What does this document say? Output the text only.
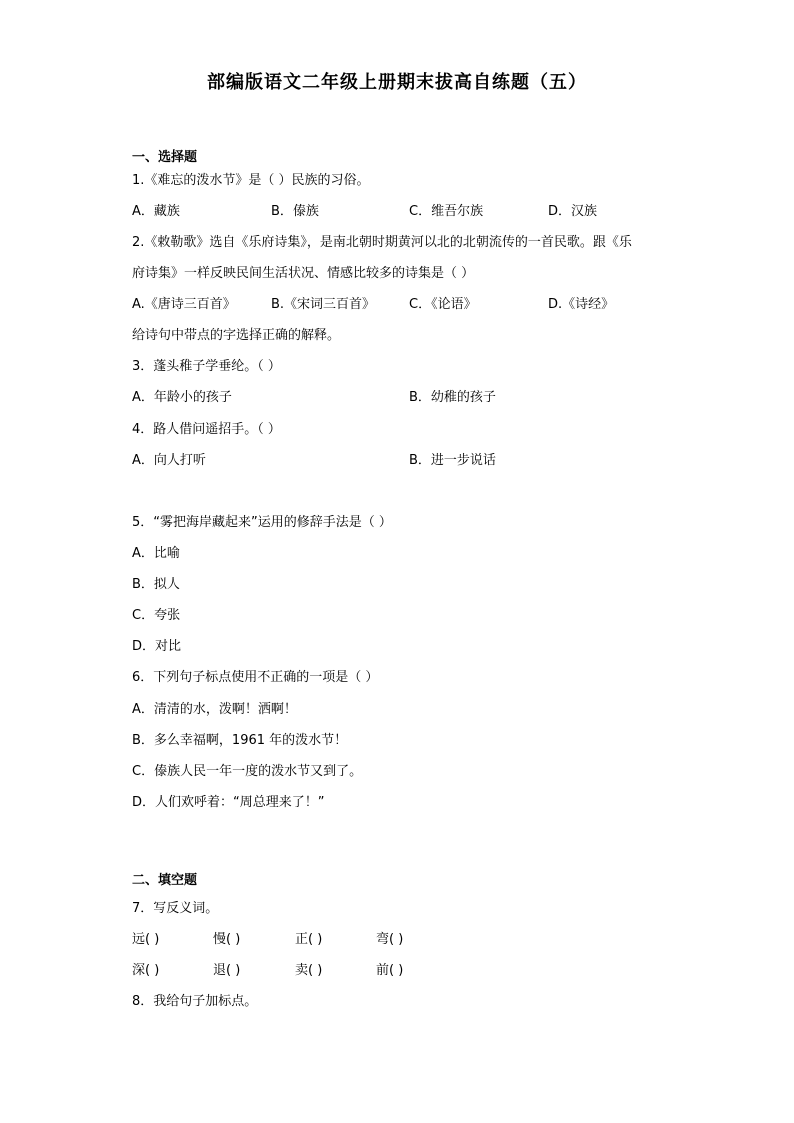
部编版语文二年级上册期末拔高自练题（五）
一、选择题
1.《难忘的泼水节》是（ ）民族的习俗。
A．藏族	B．傣族	C．维吾尔族	D．汉族
2.《敕勒歌》选自《乐府诗集》，是南北朝时期黄河以北的北朝流传的一首民歌。跟《乐
府诗集》一样反映民间生活状况、情感比较多的诗集是（ ）
A.《唐诗三百首》	B.《宋词三百首》	C．《论语》	D.《诗经》
给诗句中带点的字选择正确的解释。
3．蓬头稚子学垂纶。（ ）
A．年龄小的孩子	B．幼稚的孩子
4．路人借问遥招手。（ ）
A．向人打听	B．进一步说话
5．“雾把海岸藏起来”运用的修辞手法是（ ）
A．比喻
B．拟人
C．夸张
D．对比
6．下列句子标点使用不正确的一项是（ ）
A．清清的水，泼啊！洒啊！
B．多么幸福啊，1961 年的泼水节！
C．傣族人民一年一度的泼水节又到了。
D．人们欢呼着：“周总理来了！”
二、填空题
7．写反义词。
远( )	慢( )	正( )	弯( )
深( )	退( )	卖( )	前( )
8．我给句子加标点。
